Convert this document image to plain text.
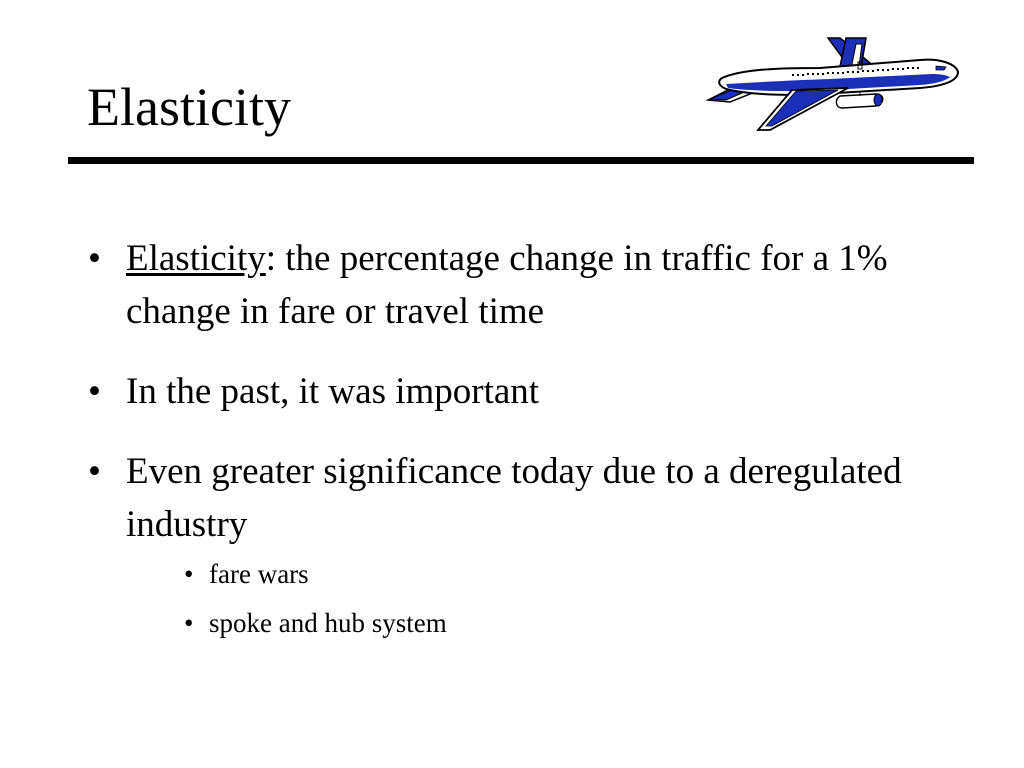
Elasticity
• Elasticity: the percentage change in traffic for a 1% change in fare or travel time
• In the past, it was important
• Even greater significance today due to a deregulated industry
• fare wars
• spoke and hub system
